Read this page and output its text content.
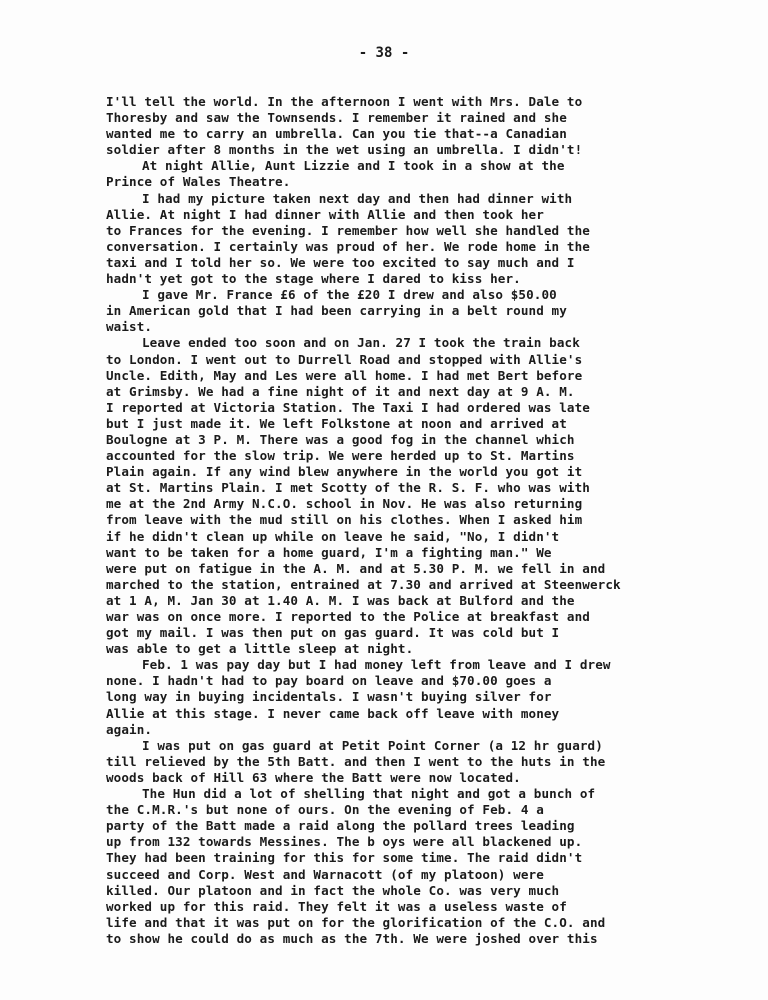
- 38 -
I'll tell the world. In the afternoon I went with Mrs. Dale to
Thoresby and saw the Townsends. I remember it rained and she
wanted me to carry an umbrella. Can you tie that--a Canadian
soldier after 8 months in the wet using an umbrella. I didn't!
At night Allie, Aunt Lizzie and I took in a show at the
Prince of Wales Theatre.
I had my picture taken next day and then had dinner with
Allie. At night I had dinner with Allie and then took her
to Frances for the evening. I remember how well she handled the
conversation. I certainly was proud of her. We rode home in the
taxi and I told her so. We were too excited to say much and I
hadn't yet got to the stage where I dared to kiss her.
I gave Mr. France £6 of the £20 I drew and also $50.00
in American gold that I had been carrying in a belt round my
waist.
Leave ended too soon and on Jan. 27 I took the train back
to London. I went out to Durrell Road and stopped with Allie's
Uncle. Edith, May and Les were all home. I had met Bert before
at Grimsby. We had a fine night of it and next day at 9 A. M.
I reported at Victoria Station. The Taxi I had ordered was late
but I just made it. We left Folkstone at noon and arrived at
Boulogne at 3 P. M. There was a good fog in the channel which
accounted for the slow trip. We were herded up to St. Martins
Plain again. If any wind blew anywhere in the world you got it
at St. Martins Plain. I met Scotty of the R. S. F. who was with
me at the 2nd Army N.C.O. school in Nov. He was also returning
from leave with the mud still on his clothes. When I asked him
if he didn't clean up while on leave he said, "No, I didn't
want to be taken for a home guard, I'm a fighting man." We
were put on fatigue in the A. M. and at 5.30 P. M. we fell in and
marched to the station, entrained at 7.30 and arrived at Steenwerck
at 1 A, M. Jan 30 at 1.40 A. M. I was back at Bulford and the
war was on once more. I reported to the Police at breakfast and
got my mail. I was then put on gas guard. It was cold but I
was able to get a little sleep at night.
Feb. 1 was pay day but I had money left from leave and I drew
none. I hadn't had to pay board on leave and $70.00 goes a
long way in buying incidentals. I wasn't buying silver for
Allie at this stage. I never came back off leave with money
again.
I was put on gas guard at Petit Point Corner (a 12 hr guard)
till relieved by the 5th Batt. and then I went to the huts in the
woods back of Hill 63 where the Batt were now located.
The Hun did a lot of shelling that night and got a bunch of
the C.M.R.'s but none of ours. On the evening of Feb. 4 a
party of the Batt made a raid along the pollard trees leading
up from 132 towards Messines. The b oys were all blackened up.
They had been training for this for some time. The raid didn't
succeed and Corp. West and Warnacott (of my platoon) were
killed. Our platoon and in fact the whole Co. was very much
worked up for this raid. They felt it was a useless waste of
life and that it was put on for the glorification of the C.O. and
to show he could do as much as the 7th. We were joshed over this
